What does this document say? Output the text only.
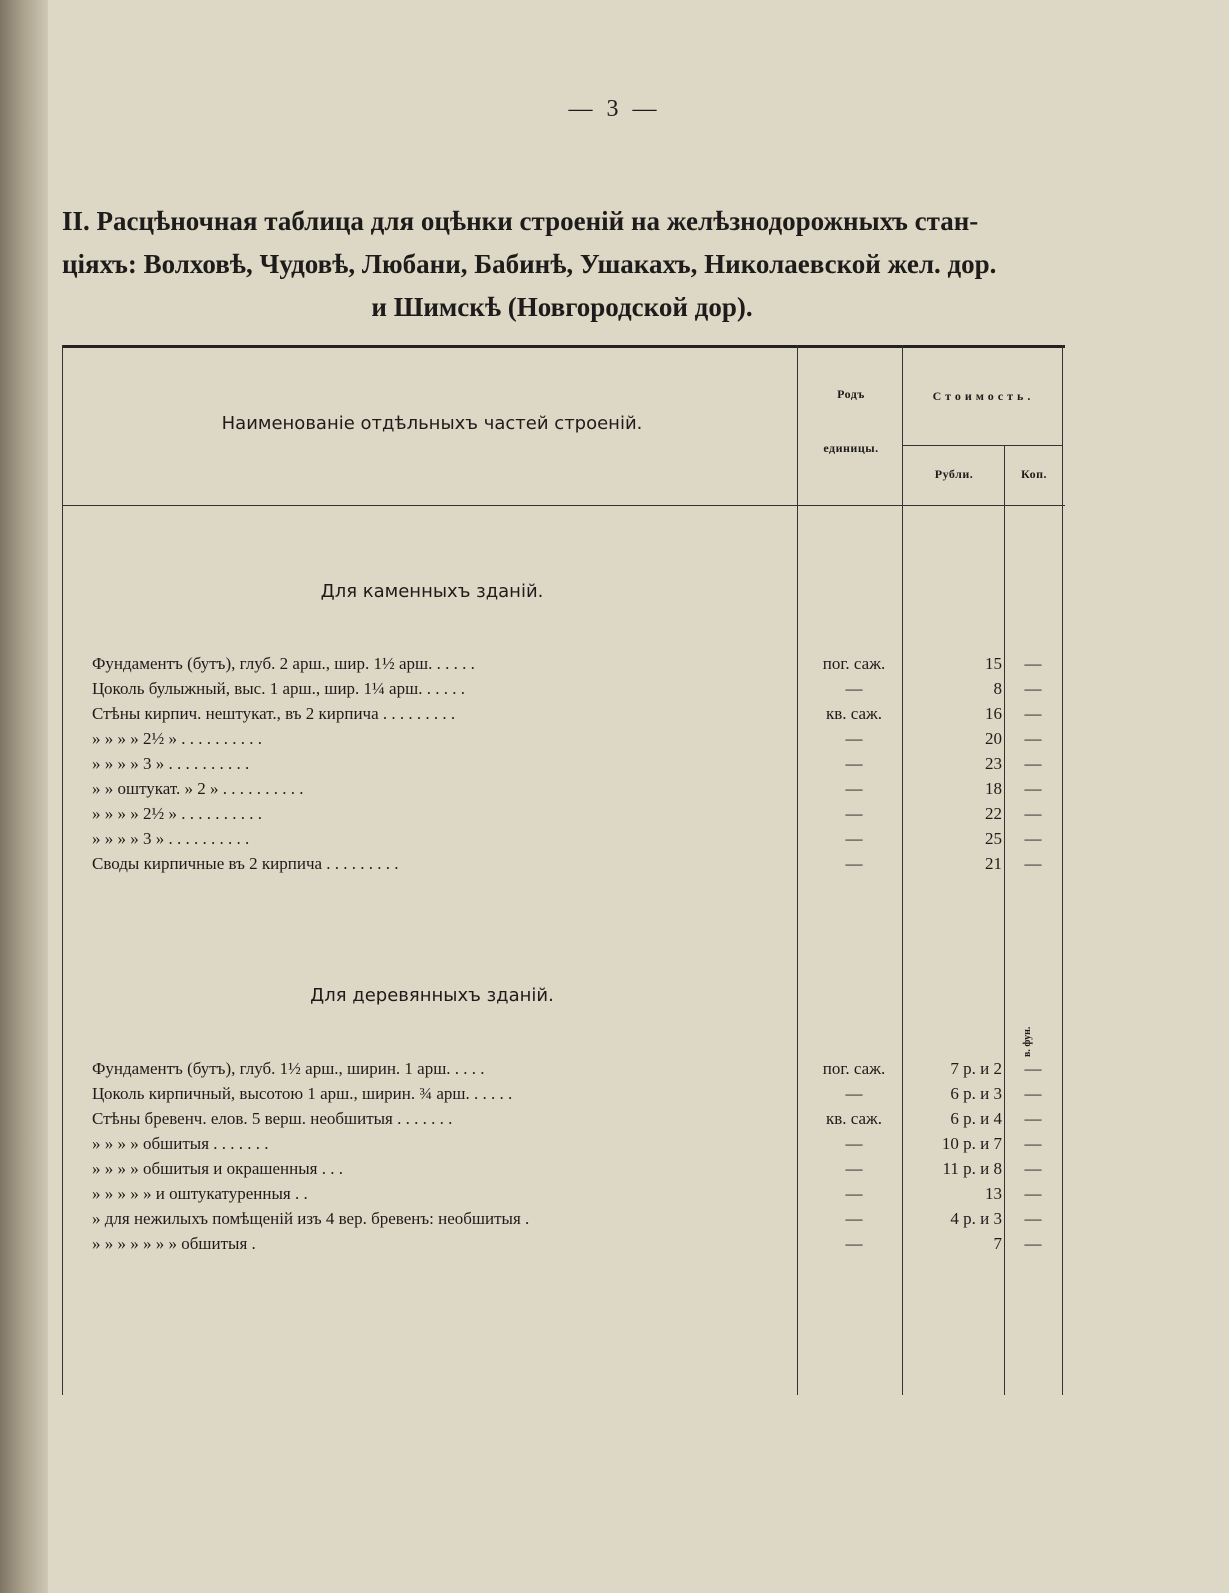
— 3 —
II. Расцѣночная таблица для оцѣнки строеній на желѣзнодорожныхъ стан-
ціяхъ: Волховѣ, Чудовѣ, Любани, Бабинѣ, Ушакахъ, Николаевской жел. дор.
и Шимскѣ (Новгородской дор).
Наименованіе отдѣльныхъ частей строеній.
Родъ
единицы.
Стоимость.
Рубли.	Коп.
Для каменныхъ зданій.
Фундаментъ (бутъ), глуб. 2 арш., шир. 1½ арш. . . . . .	пог. саж.	15	—
Цоколь булыжный, выс. 1 арш., шир. 1¼ арш. . . . . .	—	8	—
Стѣны кирпич. нештукат., въ 2 кирпича . . . . . . . . .	кв. саж.	16	—
» » » » 2½ » . . . . . . . . . .	—	20	—
» » » » 3 » . . . . . . . . . .	—	23	—
» » оштукат. » 2 » . . . . . . . . . .	—	18	—
» » » » 2½ » . . . . . . . . . .	—	22	—
» » » » 3 » . . . . . . . . . .	—	25	—
Своды кирпичные въ 2 кирпича . . . . . . . . .	—	21	—
Для деревянныхъ зданій.
Фундаментъ (бутъ), глуб. 1½ арш., ширин. 1 арш. . . . .	пог. саж.	7 р. и 2	—
Цоколь кирпичный, высотою 1 арш., ширин. ¾ арш. . . . . .	—	6 р. и 3	—
Стѣны бревенч. елов. 5 верш. необшитыя . . . . . . .	кв. саж.	6 р. и 4	—
» » » » обшитыя . . . . . . .	—	10 р. и 7	—
» » » » обшитыя и окрашенныя . . .	—	11 р. и 8	—
» » » » » и оштукатуренныя . .	—	13	—
» для нежилыхъ помѣщеній изъ 4 вер. бревенъ: необшитыя .	—	4 р. и 3	—
» » » » » » » обшитыя .	—	7	—
в. фун.
